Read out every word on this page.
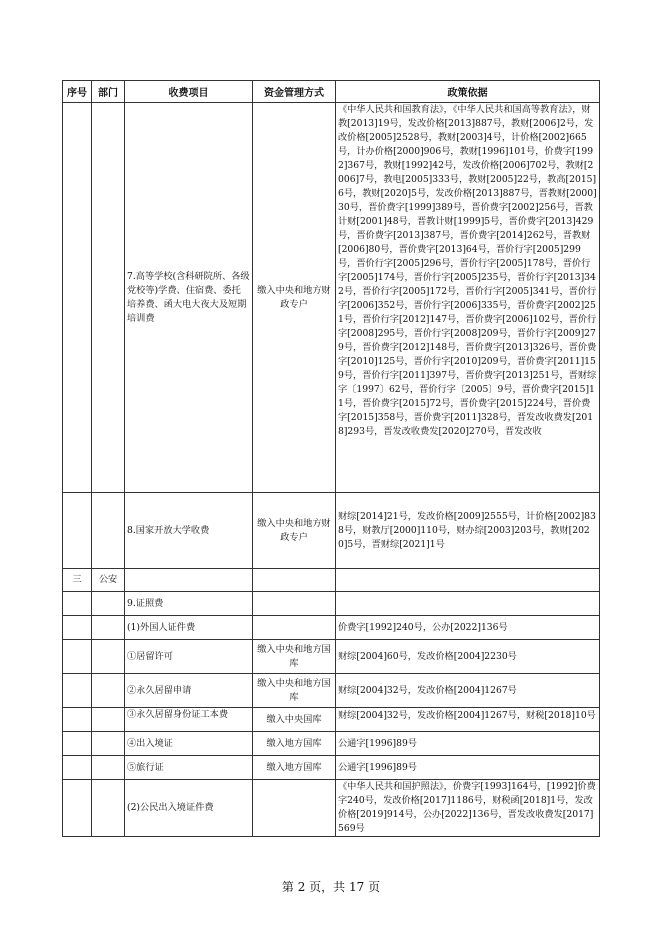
序号	部门	收费项目	资金管理方式	政策依据
		7.高等学校(含科研院所、各级党校等)学费、住宿费、委托培养费、函大电大夜大及短期培训费	缴入中央和地方财政专户	《中华人民共和国教育法》，《中华人民共和国高等教育法》，财教[2013]19号，发改价格[2013]887号，教财[2006]2号，发改价格[2005]2528号，教财[2003]4号，计价格[2002]665号，计办价格[2000]906号，教财[1996]101号，价费字[1992]367号，教财[1992]42号，发改价格[2006]702号，教财[2006]7号，教电[2005]333号，教财[2005]22号，教高[2015]6号，教财[2020]5号，发改价格[2013]887号，晋教财[2000]30号，晋价费字[1999]389号，晋价费字[2002]256号，晋教计财[2001]48号，晋教计财[1999]5号，晋价费字[2013]429号，晋价费字[2013]387号，晋价费字[2014]262号，晋教财[2006]80号，晋价费字[2013]64号，晋价行字[2005]299号，晋价行字[2005]296号，晋价行字[2005]178号，晋价行字[2005]174号，晋价行字[2005]235号，晋价行字[2013]342号，晋价行字[2005]172号，晋价行字[2005]341号，晋价行字[2006]352号，晋价行字[2006]335号，晋价费字[2002]251号，晋价行字[2012]147号，晋价费字[2006]102号，晋价行字[2008]295号，晋价行字[2008]209号，晋价行字[2009]279号，晋价费字[2012]148号，晋价费字[2013]326号，晋价费字[2010]125号，晋价行字[2010]209号，晋价费字[2011]159号，晋价行字[2011]397号，晋价费字[2013]251号，晋财综字〔1997〕62号，晋价行字〔2005〕9号，晋价费字[2015]11号，晋价费字[2015]72号，晋价费字[2015]224号，晋价费字[2015]358号，晋价费字[2011]328号，晋发改收费发[2018]293号，晋发改收费发[2020]270号，晋发改收

		8.国家开放大学收费	缴入中央和地方财政专户	财综[2014]21号，发改价格[2009]2555号，计价格[2002]838号，财教厅[2000]110号，财办综[2003]203号，教财[2020]5号，晋财综[2021]1号
三	公安			
		9.证照费		
		(1)外国人证件费		价费字[1992]240号，公办[2022]136号
		①居留许可	缴入中央和地方国库	财综[2004]60号，发改价格[2004]2230号
		②永久居留申请	缴入中央和地方国库	财综[2004]32号，发改价格[2004]1267号

		③永久居留身份证工本费	缴入中央国库	财综[2004]32号，发改价格[2004]1267号，财税[2018]10号

		④出入境证	缴入地方国库	公通字[1996]89号
		⑤旅行证	缴入地方国库	公通字[1996]89号
		(2)公民出入境证件费		《中华人民共和国护照法》，价费字[1993]164号，[1992]价费字240号，发改价格[2017]1186号，财税函[2018]1号，发改价格[2019]914号，公办[2022]136号，晋发改收费发[2017]569号
第 2 页，共 17 页
